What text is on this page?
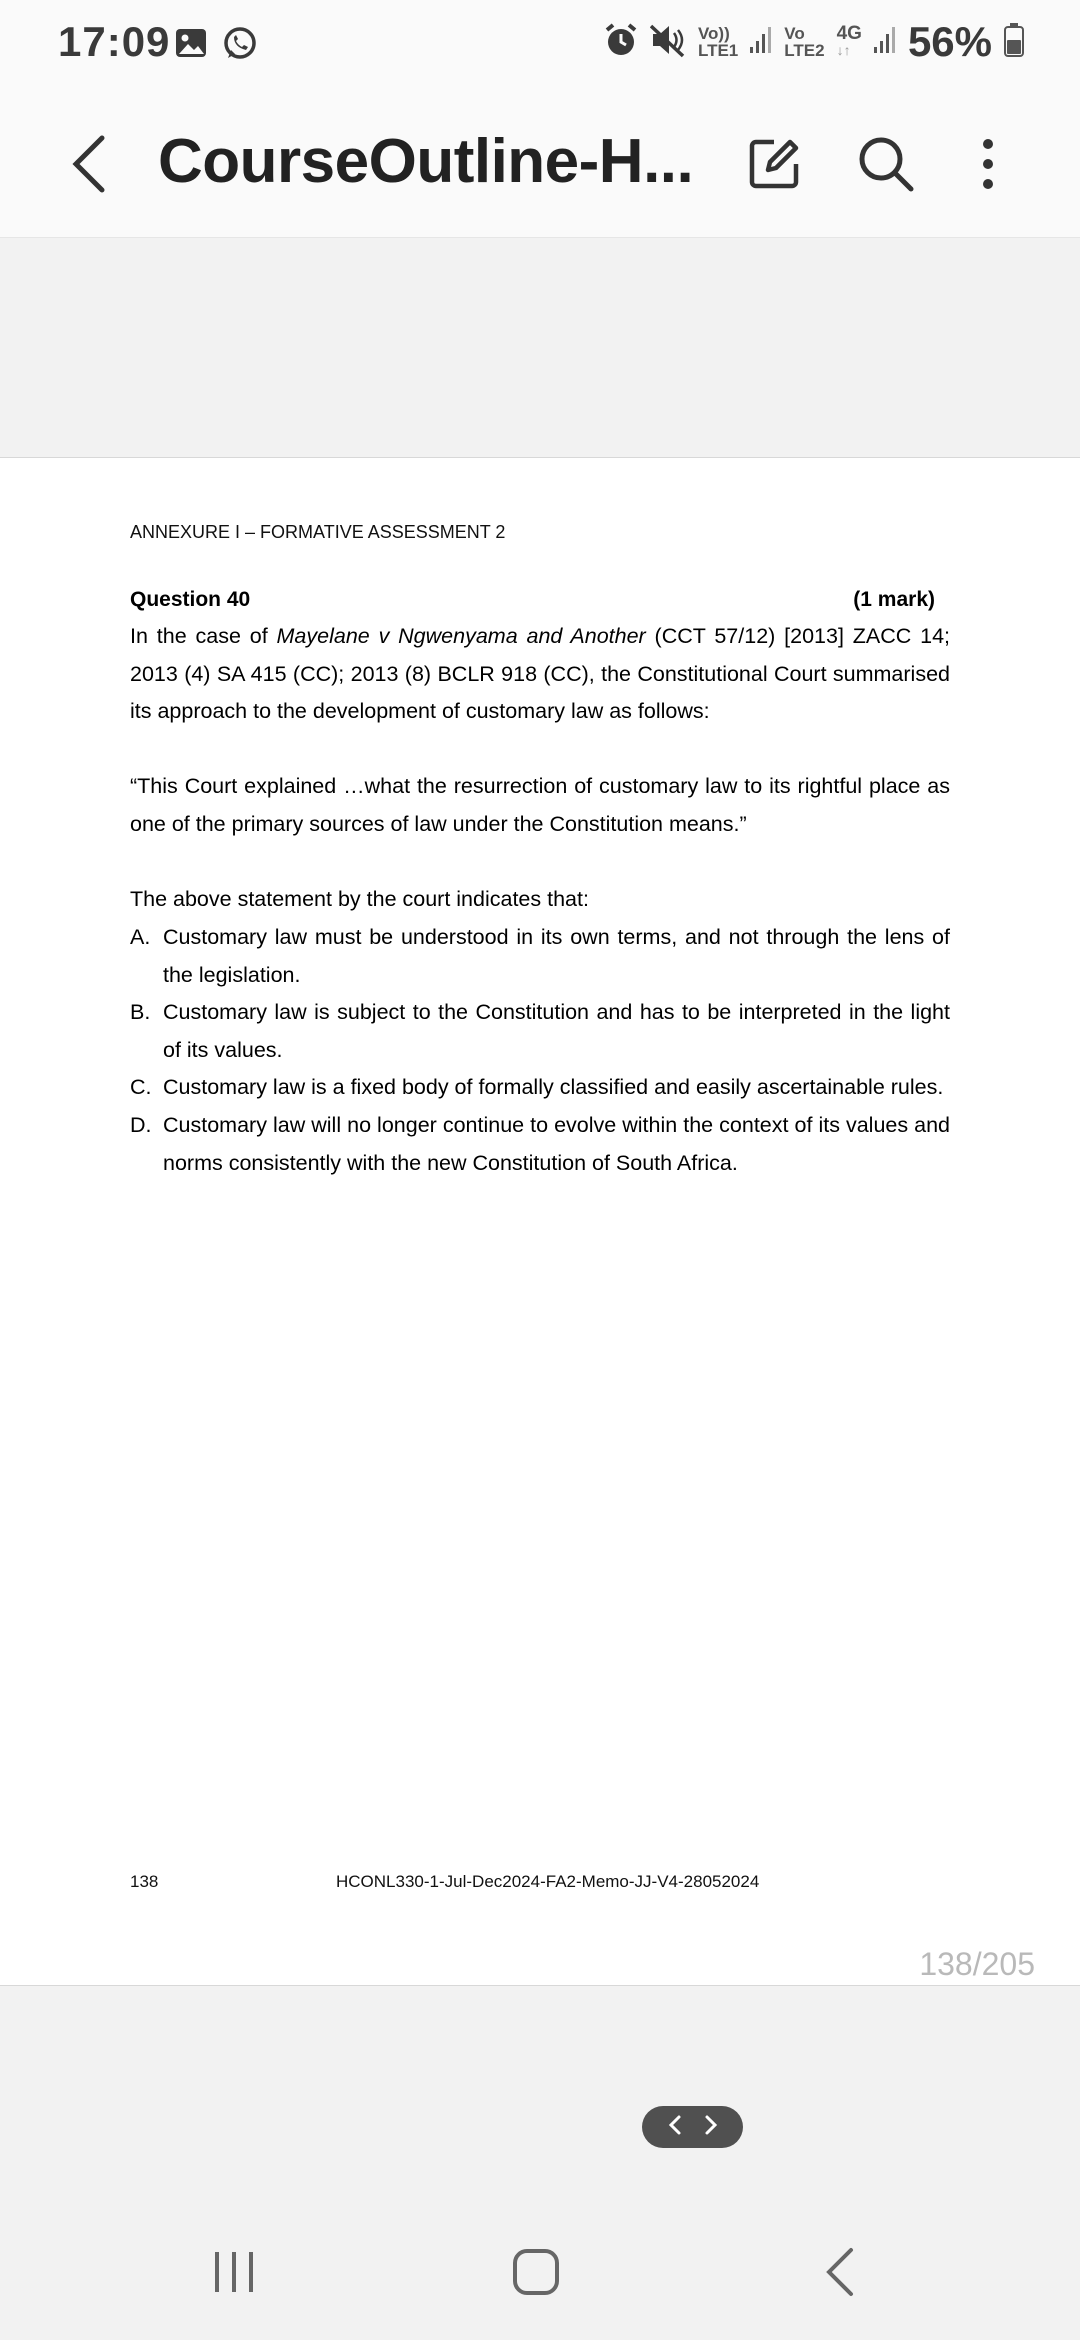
17:09	Vo))
LTE1
Vo
LTE2
4G
↓↑ 56%
CourseOutline-H...
ANNEXURE I – FORMATIVE ASSESSMENT 2
Question 40	(1 mark)
In the case of Mayelane v Ngwenyama and Another (CCT 57/12) [2013] ZACC 14; 2013 (4) SA 415 (CC); 2013 (8) BCLR 918 (CC), the Constitutional Court summarised its approach to the development of customary law as follows:
“This Court explained …what the resurrection of customary law to its rightful place as one of the primary sources of law under the Constitution means.”
The above statement by the court indicates that:
A. Customary law must be understood in its own terms, and not through the lens of the legislation.
B. Customary law is subject to the Constitution and has to be interpreted in the light of its values.
C. Customary law is a fixed body of formally classified and easily ascertainable rules.
D. Customary law will no longer continue to evolve within the context of its values and norms consistently with the new Constitution of South Africa.
138	HCONL330-1-Jul-Dec2024-FA2-Memo-JJ-V4-28052024
138/205
